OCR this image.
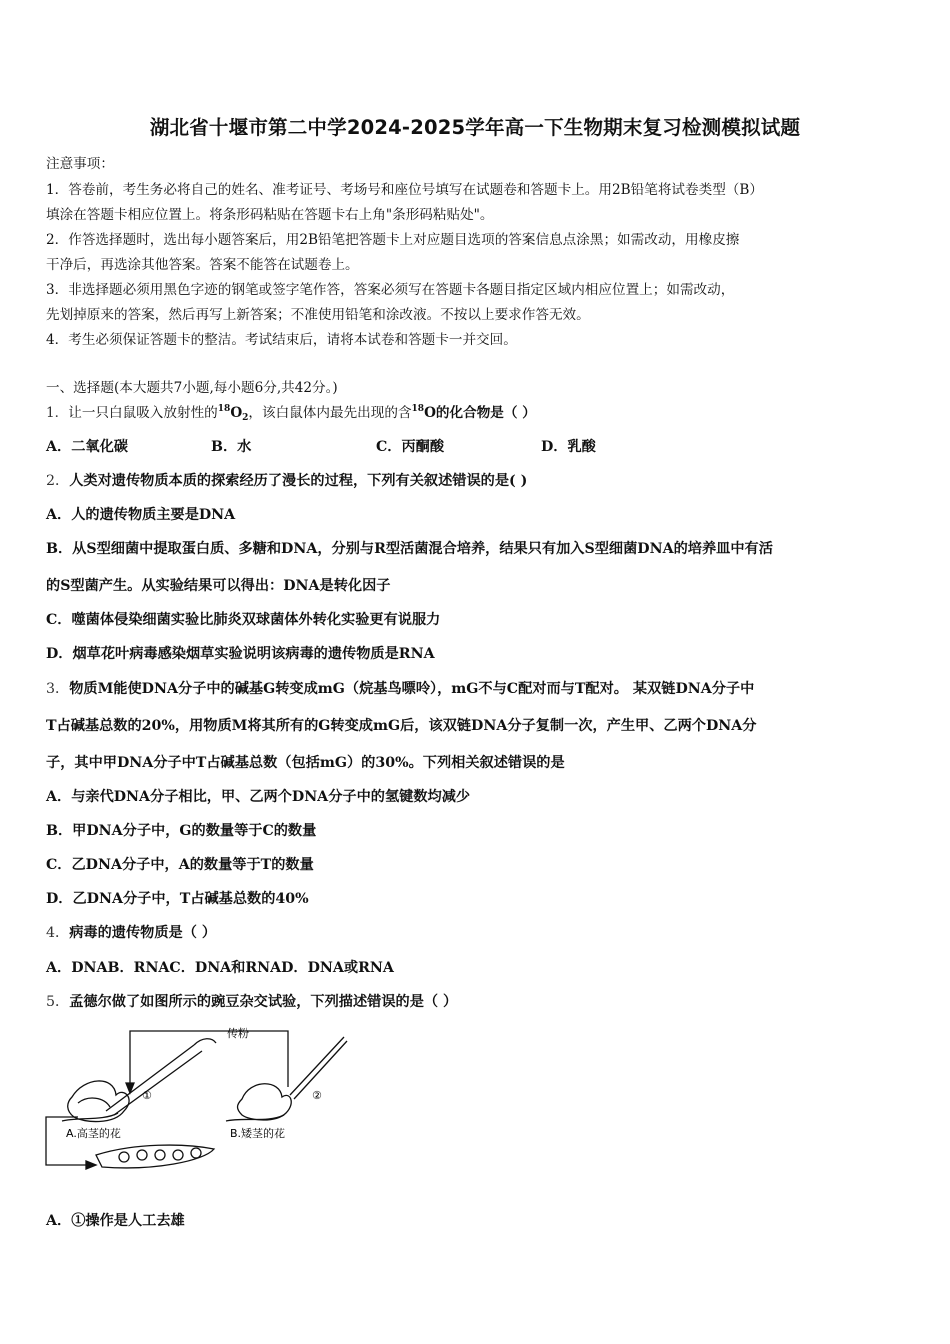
湖北省十堰市第二中学2024-2025学年高一下生物期末复习检测模拟试题
注意事项：
1．答卷前，考生务必将自己的姓名、准考证号、考场号和座位号填写在试题卷和答题卡上。用2B铅笔将试卷类型（B）
填涂在答题卡相应位置上。将条形码粘贴在答题卡右上角"条形码粘贴处"。
2．作答选择题时，选出每小题答案后，用2B铅笔把答题卡上对应题目选项的答案信息点涂黑；如需改动，用橡皮擦
干净后，再选涂其他答案。答案不能答在试题卷上。
3．非选择题必须用黑色字迹的钢笔或签字笔作答，答案必须写在答题卡各题目指定区域内相应位置上；如需改动，
先划掉原来的答案，然后再写上新答案；不准使用铅笔和涂改液。不按以上要求作答无效。
4．考生必须保证答题卡的整洁。考试结束后，请将本试卷和答题卡一并交回。
一、选择题(本大题共7小题,每小题6分,共42分。)
1．让一只白鼠吸入放射性的$^{18}O_2$，该白鼠体内最先出现的含$^{18}$O的化合物是（ ）
A．二氧化碳	B．水	C．丙酮酸	D．乳酸
2．人类对遗传物质本质的探索经历了漫长的过程，下列有关叙述错误的是( )
A．人的遗传物质主要是DNA
B．从S型细菌中提取蛋白质、多糖和DNA，分别与R型活菌混合培养，结果只有加入S型细菌DNA的培养皿中有活
的S型菌产生。从实验结果可以得出：DNA是转化因子
C．噬菌体侵染细菌实验比肺炎双球菌体外转化实验更有说服力
D．烟草花叶病毒感染烟草实验说明该病毒的遗传物质是RNA
3．物质M能使DNA分子中的碱基G转变成mG（烷基鸟嘌呤），mG不与C配对而与T配对。 某双链DNA分子中
T占碱基总数的20%，用物质M将其所有的G转变成mG后，该双链DNA分子复制一次，产生甲、乙两个DNA分
子，其中甲DNA分子中T占碱基总数（包括mG）的30%。下列相关叙述错误的是
A．与亲代DNA分子相比，甲、乙两个DNA分子中的氢键数均减少
B．甲DNA分子中，G的数量等于C的数量
C．乙DNA分子中，A的数量等于T的数量
D．乙DNA分子中，T占碱基总数的40%
4．病毒的遗传物质是（ ）
A．DNAB．RNAC．DNA和RNAD．DNA或RNA
5．孟德尔做了如图所示的豌豆杂交试验，下列描述错误的是（ ）
传粉
①	②
A.高茎的花	B.矮茎的花
A．①操作是人工去雄
